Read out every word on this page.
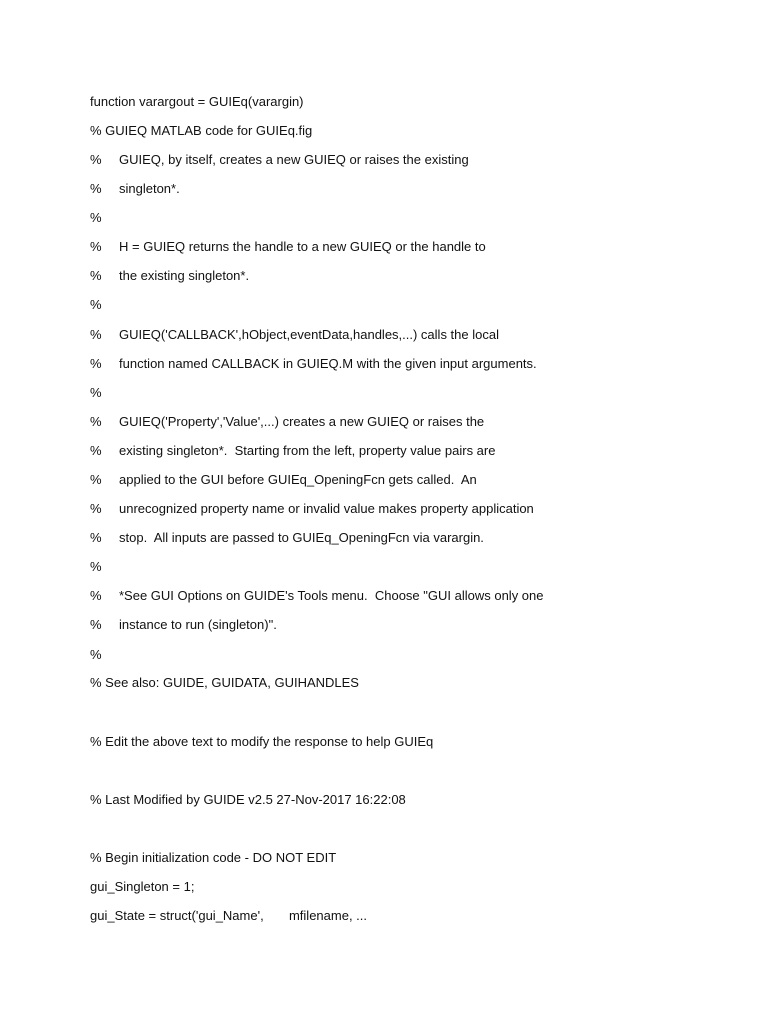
function varargout = GUIEq(varargin)
% GUIEQ MATLAB code for GUIEq.fig
% GUIEQ, by itself, creates a new GUIEQ or raises the existing
% singleton*.
%
% H = GUIEQ returns the handle to a new GUIEQ or the handle to
% the existing singleton*.
%
% GUIEQ('CALLBACK',hObject,eventData,handles,...) calls the local
% function named CALLBACK in GUIEQ.M with the given input arguments.
%
% GUIEQ('Property','Value',...) creates a new GUIEQ or raises the
% existing singleton*.  Starting from the left, property value pairs are
% applied to the GUI before GUIEq_OpeningFcn gets called.  An
% unrecognized property name or invalid value makes property application
% stop.  All inputs are passed to GUIEq_OpeningFcn via varargin.
%
% *See GUI Options on GUIDE's Tools menu.  Choose "GUI allows only one
% instance to run (singleton)".
%
% See also: GUIDE, GUIDATA, GUIHANDLES
% Edit the above text to modify the response to help GUIEq
% Last Modified by GUIDE v2.5 27-Nov-2017 16:22:08
% Begin initialization code - DO NOT EDIT
gui_Singleton = 1;
gui_State = struct('gui_Name',       mfilename, ...
